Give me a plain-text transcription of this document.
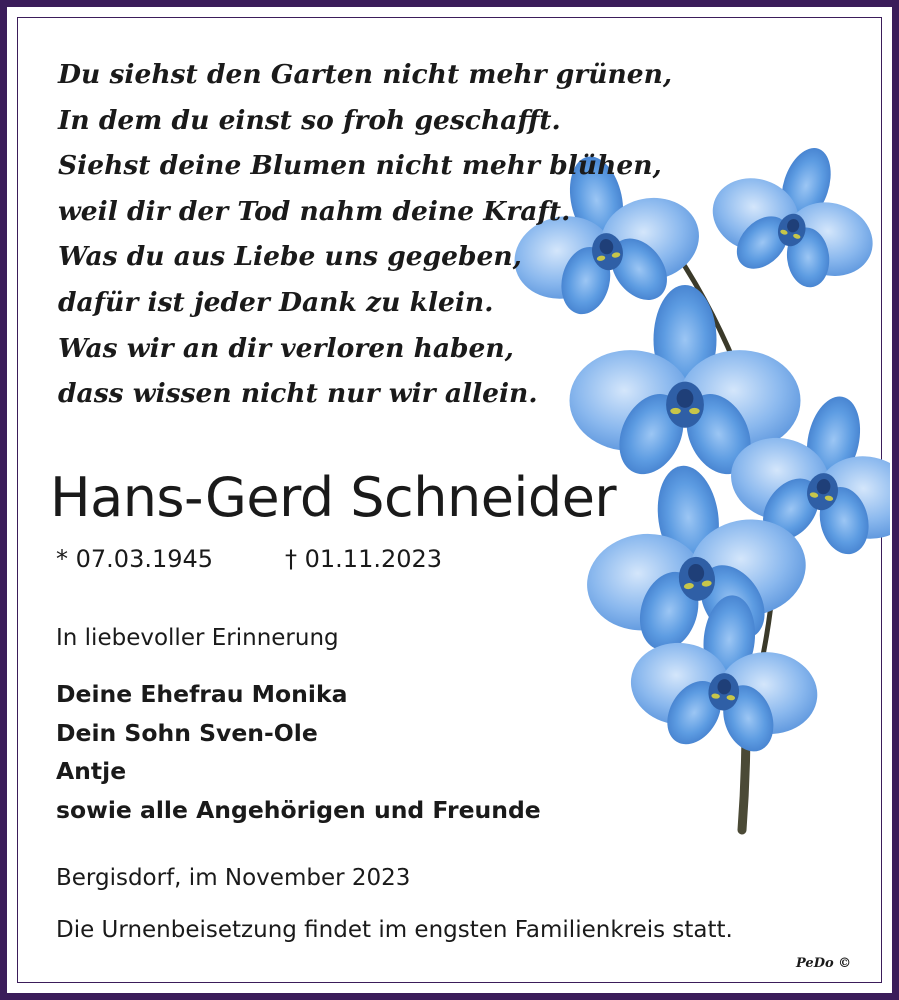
Du siehst den Garten nicht mehr grünen,
In dem du einst so froh geschafft.
Siehst deine Blumen nicht mehr blühen,
weil dir der Tod nahm deine Kraft.
Was du aus Liebe uns gegeben,
dafür ist jeder Dank zu klein.
Was wir an dir verloren haben,
dass wissen nicht nur wir allein.
Hans-Gerd Schneider
* 07.03.1945	† 01.11.2023
In liebevoller Erinnerung
Deine Ehefrau Monika
Dein Sohn Sven-Ole
Antje
sowie alle Angehörigen und Freunde
Bergisdorf, im November 2023
Die Urnenbeisetzung findet im engsten Familienkreis statt.
PeDo ©
